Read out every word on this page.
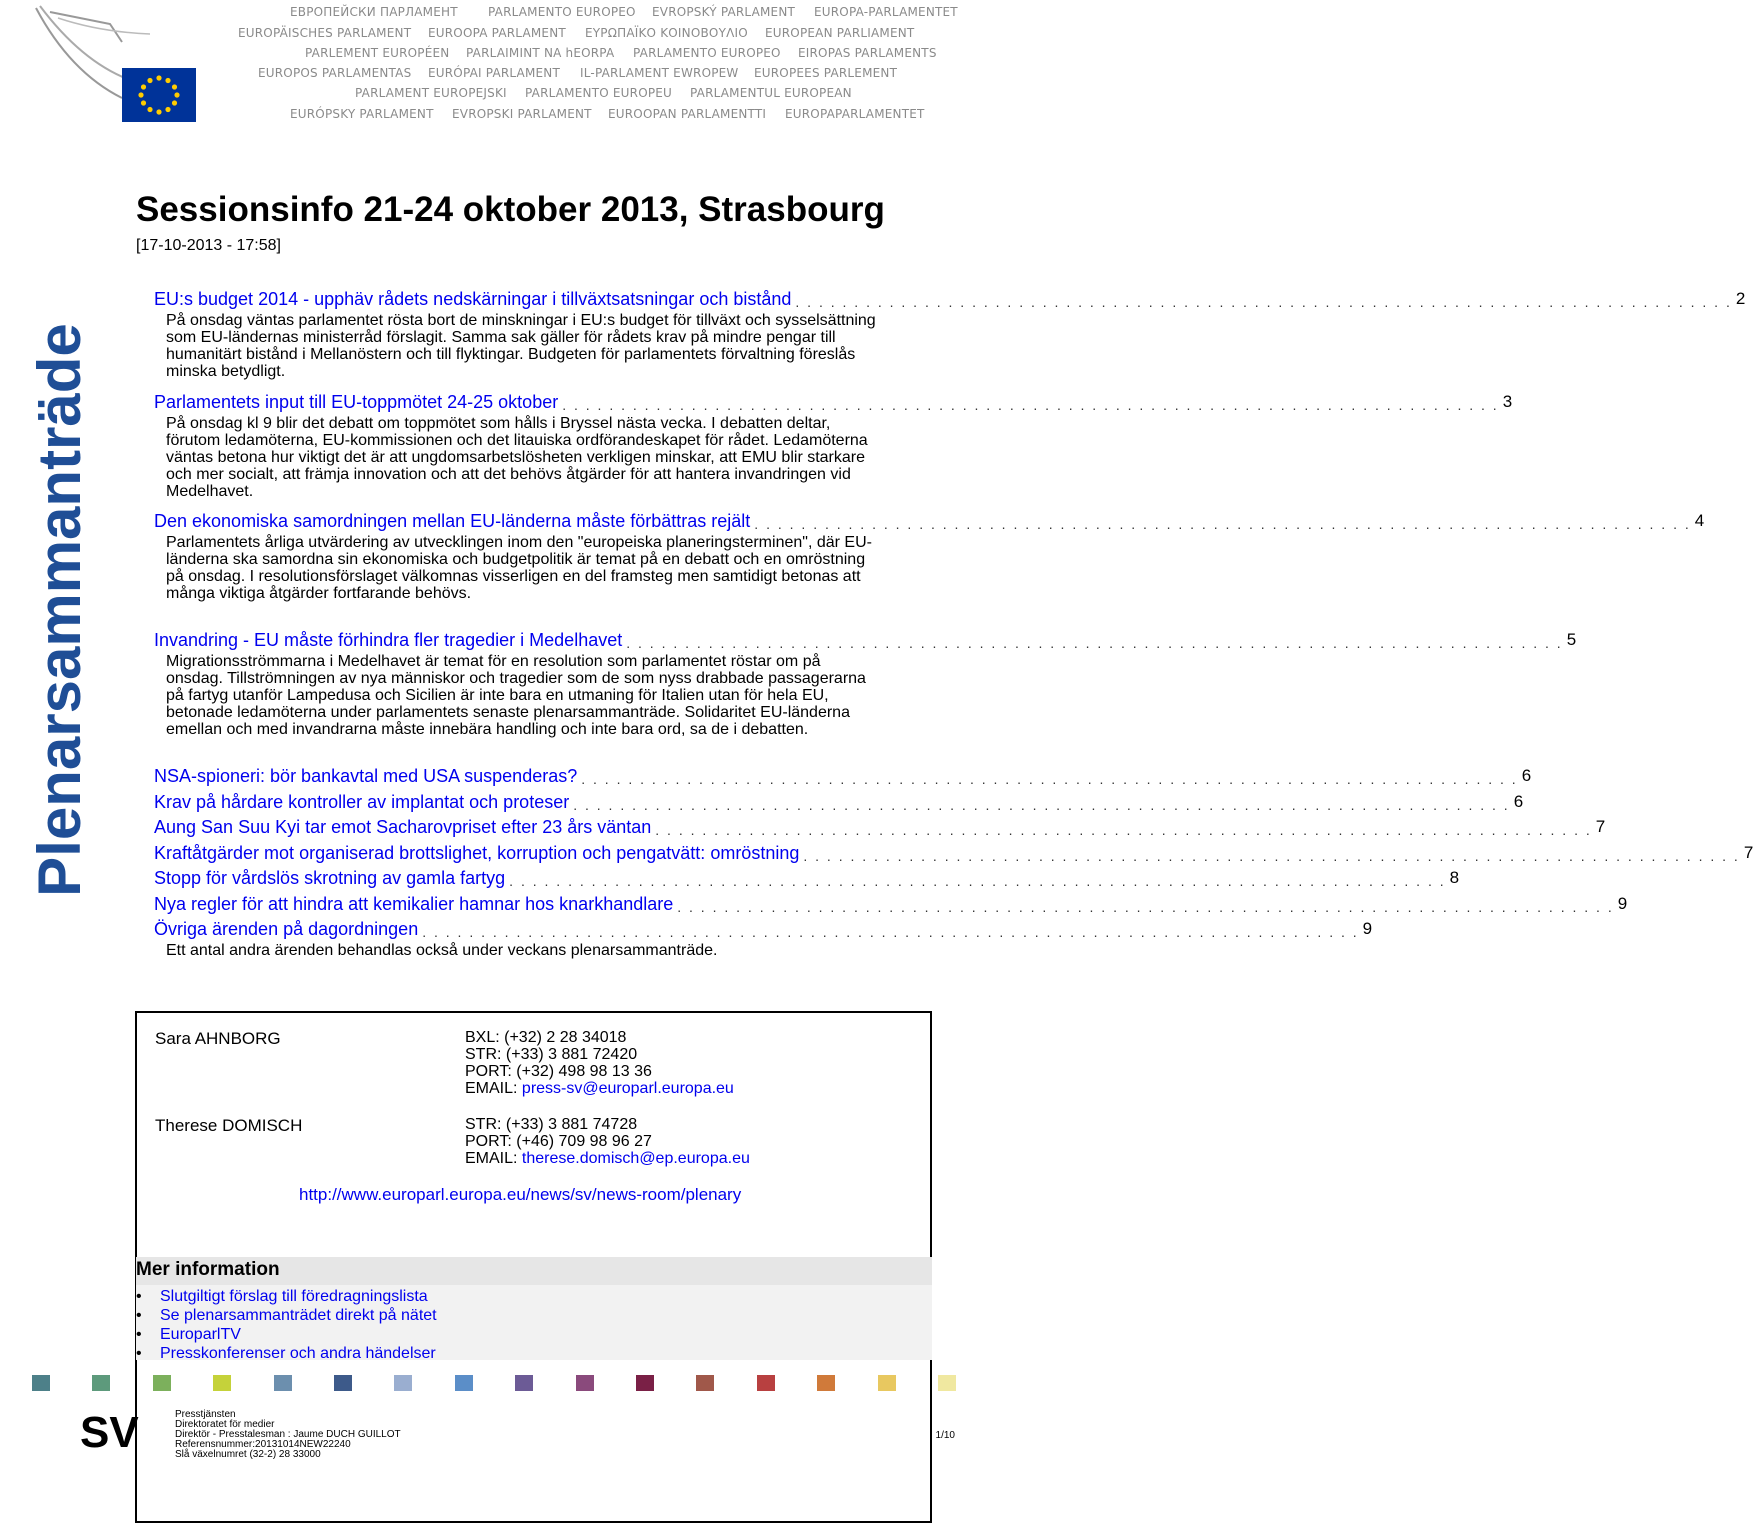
ЕВРОПЕЙСКИ ПАРЛАМЕНТ	PARLAMENTO EUROPEO EVROPSKÝ PARLAMENT EUROPA-PARLAMENTET
EUROPÄISCHES PARLAMENT EUROOPA PARLAMENT ΕΥΡΩΠΑΪΚΟ ΚΟΙΝΟΒΟΥΛΙΟ EUROPEAN PARLIAMENT
PARLEMENT EUROPÉEN PARLAIMINT NA hEORPA PARLAMENTO EUROPEO EIROPAS PARLAMENTS
EUROPOS PARLAMENTAS EURÓPAI PARLAMENT IL-PARLAMENT EWROPEW EUROPEES PARLEMENT
PARLAMENT EUROPEJSKI PARLAMENTO EUROPEU PARLAMENTUL EUROPEAN
EURÓPSKY PARLAMENT EVROPSKI PARLAMENT EUROOPAN PARLAMENTTI EUROPAPARLAMENTET
Plenarsammanträde
Sessionsinfo 21-24 oktober 2013, Strasbourg
[17-10-2013 - 17:58]
EU:s budget 2014 - upphäv rådets nedskärningar i tillväxtsatsningar och bistånd . . . . . . . . . . . . . . . . . . . . . . . . . . . . . . . . . . . . . . . . . . . . . . . . . . . . . . . . . . . . . . . . . . . . . . . . . . . . . . . . 2
På onsdag väntas parlamentet rösta bort de minskningar i EU:s budget för tillväxt och sysselsättning som EU-ländernas ministerråd förslagit. Samma sak gäller för rådets krav på mindre pengar till humanitärt bistånd i Mellanöstern och till flyktingar. Budgeten för parlamentets förvaltning föreslås minska betydligt.
Parlamentets input till EU-toppmötet 24-25 oktober . . . . . . . . . . . . . . . . . . . . . . . . . . . . . . . . . . . . . . . . . . . . . . . . . . . . . . . . . . . . . . . . . . . . . . . . . . . . . . . . 3
På onsdag kl 9 blir det debatt om toppmötet som hålls i Bryssel nästa vecka. I debatten deltar, förutom ledamöterna, EU-kommissionen och det litauiska ordförandeskapet för rådet. Ledamöterna väntas betona hur viktigt det är att ungdomsarbetslösheten verkligen minskar, att EMU blir starkare och mer socialt, att främja innovation och att det behövs åtgärder för att hantera invandringen vid Medelhavet.
Den ekonomiska samordningen mellan EU-länderna måste förbättras rejält . . . . . . . . . . . . . . . . . . . . . . . . . . . . . . . . . . . . . . . . . . . . . . . . . . . . . . . . . . . . . . . . . . . . . . . . . . . . . . . . 4
Parlamentets årliga utvärdering av utvecklingen inom den "europeiska planeringsterminen", där EU-länderna ska samordna sin ekonomiska och budgetpolitik är temat på en debatt och en omröstning på onsdag. I resolutionsförslaget välkomnas visserligen en del framsteg men samtidigt betonas att många viktiga åtgärder fortfarande behövs.
Invandring - EU måste förhindra fler tragedier i Medelhavet . . . . . . . . . . . . . . . . . . . . . . . . . . . . . . . . . . . . . . . . . . . . . . . . . . . . . . . . . . . . . . . . . . . . . . . . . . . . . . . . 5
Migrationsströmmarna i Medelhavet är temat för en resolution som parlamentet röstar om på onsdag. Tillströmningen av nya människor och tragedier som de som nyss drabbade passagerarna på fartyg utanför Lampedusa och Sicilien är inte bara en utmaning för Italien utan för hela EU, betonade ledamöterna under parlamentets senaste plenarsammanträde. Solidaritet EU-länderna emellan och med invandrarna måste innebära handling och inte bara ord, sa de i debatten.
NSA-spioneri: bör bankavtal med USA suspenderas? . . . . . . . . . . . . . . . . . . . . . . . . . . . . . . . . . . . . . . . . . . . . . . . . . . . . . . . . . . . . . . . . . . . . . . . . . . . . . . . . 6
Krav på hårdare kontroller av implantat och proteser . . . . . . . . . . . . . . . . . . . . . . . . . . . . . . . . . . . . . . . . . . . . . . . . . . . . . . . . . . . . . . . . . . . . . . . . . . . . . . . . 6
Aung San Suu Kyi tar emot Sacharovpriset efter 23 års väntan . . . . . . . . . . . . . . . . . . . . . . . . . . . . . . . . . . . . . . . . . . . . . . . . . . . . . . . . . . . . . . . . . . . . . . . . . . . . . . . . 7
Kraftåtgärder mot organiserad brottslighet, korruption och pengatvätt: omröstning . . . . . . . . . . . . . . . . . . . . . . . . . . . . . . . . . . . . . . . . . . . . . . . . . . . . . . . . . . . . . . . . . . . . . . . . . . . . . . . . 7
Stopp för vårdslös skrotning av gamla fartyg . . . . . . . . . . . . . . . . . . . . . . . . . . . . . . . . . . . . . . . . . . . . . . . . . . . . . . . . . . . . . . . . . . . . . . . . . . . . . . . . 8
Nya regler för att hindra att kemikalier hamnar hos knarkhandlare . . . . . . . . . . . . . . . . . . . . . . . . . . . . . . . . . . . . . . . . . . . . . . . . . . . . . . . . . . . . . . . . . . . . . . . . . . . . . . . . 9
Övriga ärenden på dagordningen . . . . . . . . . . . . . . . . . . . . . . . . . . . . . . . . . . . . . . . . . . . . . . . . . . . . . . . . . . . . . . . . . . . . . . . . . . . . . . . . 9
Ett antal andra ärenden behandlas också under veckans plenarsammanträde.
Sara AHNBORG	BXL: (+32) 2 28 34018
STR: (+33) 3 881 72420
PORT: (+32) 498 98 13 36
EMAIL: press-sv@europarl.europa.eu
Therese DOMISCH	STR: (+33) 3 881 74728
PORT: (+46) 709 98 96 27
EMAIL: therese.domisch@ep.europa.eu
http://www.europarl.europa.eu/news/sv/news-room/plenary
Mer information
• Slutgiltigt förslag till föredragningslista
• Se plenarsammanträdet direkt på nätet
• EuroparlTV
• Presskonferenser och andra händelser
SV	Presstjänsten
Direktoratet för medier
Direktör - Presstalesman : Jaume DUCH GUILLOT
Referensnummer:20131014NEW22240
Slå växelnumret (32-2) 28 33000
1/10
